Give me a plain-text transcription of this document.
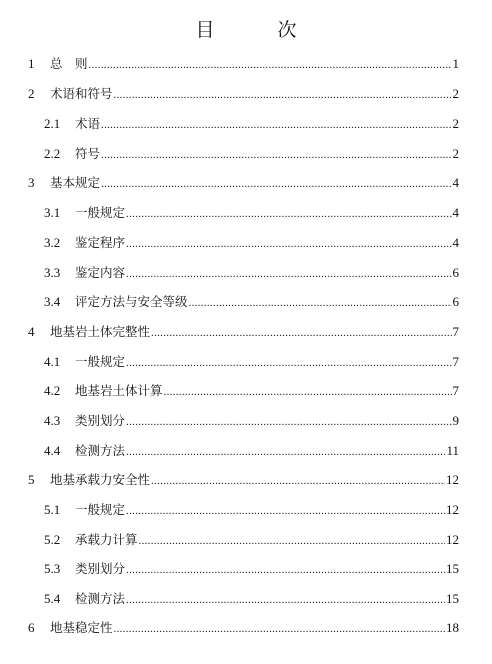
目　次
1	总　则 .....	1
2	术语和符号 .....	2
2.1	术语 .....	2
2.2	符号 .....	2
3	基本规定 .....	4
3.1	一般规定 .....	4
3.2	鉴定程序 .....	4
3.3	鉴定内容 .....	6
3.4	评定方法与安全等级 .....	6
4	地基岩土体完整性 .....	7
4.1	一般规定 .....	7
4.2	地基岩土体计算 .....	7
4.3	类别划分 .....	9
4.4	检测方法 .....	11
5	地基承载力安全性 .....	12
5.1	一般规定 .....	12
5.2	承载力计算 .....	12
5.3	类别划分 .....	15
5.4	检测方法 .....	15
6	地基稳定性 .....	18
